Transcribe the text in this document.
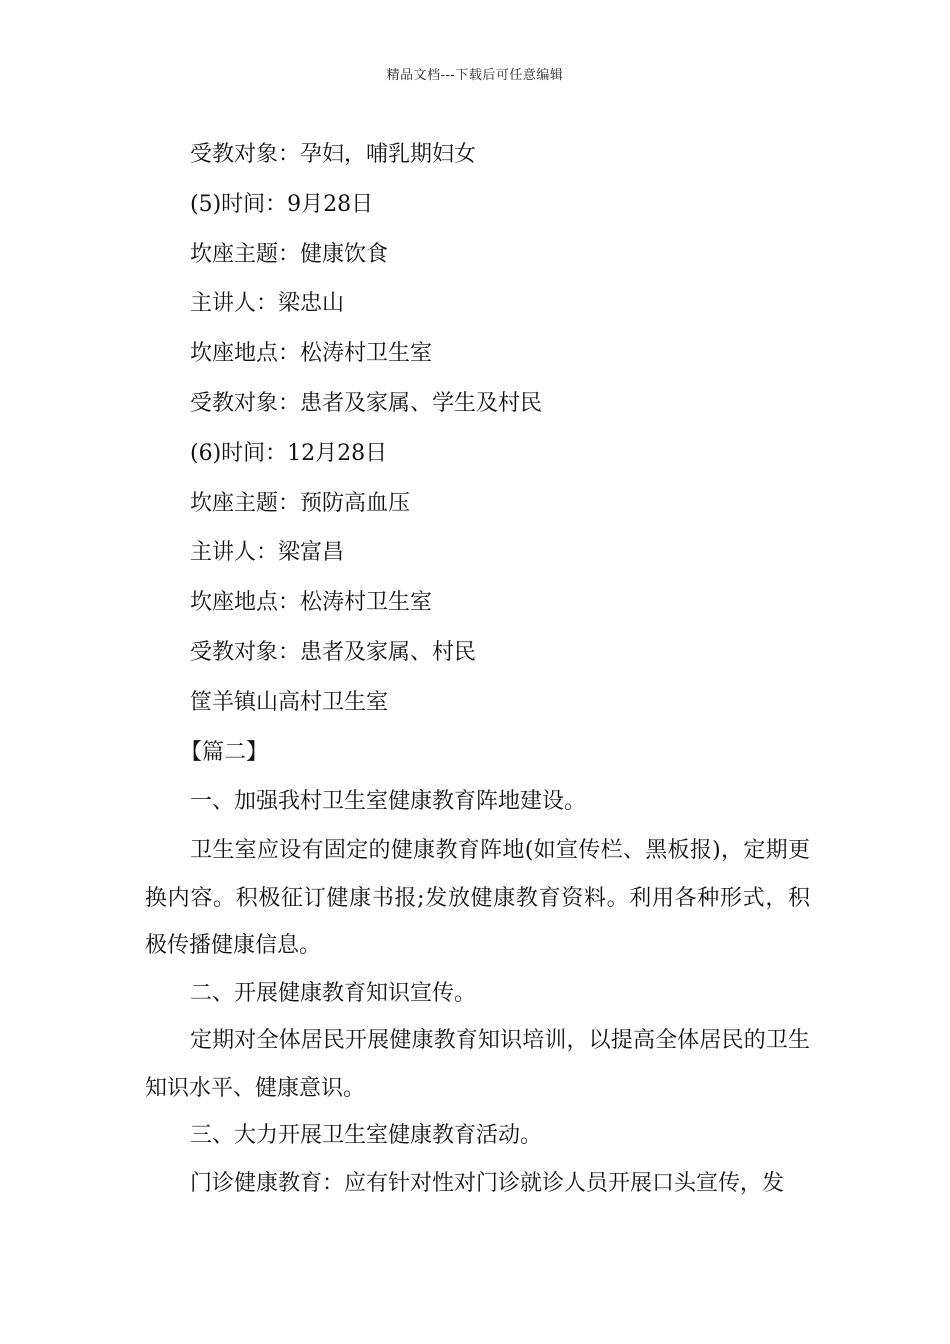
精品文档---下载后可任意编辑
受教对象：孕妇，哺乳期妇女
(5)时间：9月28日
坎座主题：健康饮食
主讲人：梁忠山
坎座地点：松涛村卫生室
受教对象：患者及家属、学生及村民
(6)时间：12月28日
坎座主题：预防高血压
主讲人：梁富昌
坎座地点：松涛村卫生室
受教对象：患者及家属、村民
筐羊镇山高村卫生室
【篇二】
一、加强我村卫生室健康教育阵地建设。

卫生室应设有固定的健康教育阵地(如宣传栏、黑板报)，定期更换内容。积极征订健康书报;发放健康教育资料。利用各种形式，积极传播健康信息。

二、开展健康教育知识宣传。

定期对全体居民开展健康教育知识培训，以提高全体居民的卫生知识水平、健康意识。

三、大力开展卫生室健康教育活动。

门诊健康教育：应有针对性对门诊就诊人员开展口头宣传，发
